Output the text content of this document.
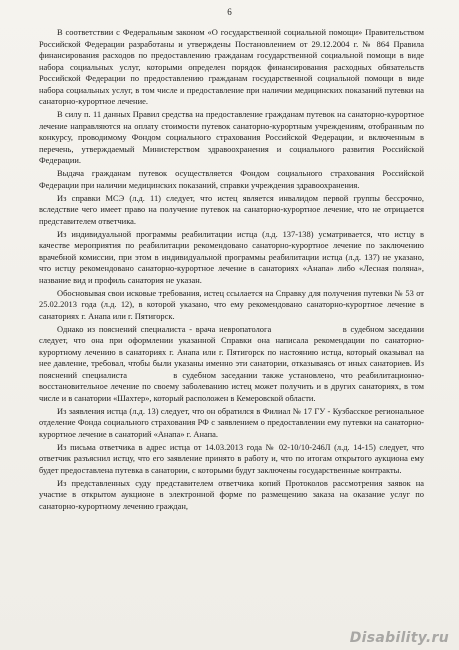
6

В соответствии с Федеральным законом «О государственной социальной помощи» Правительством Российской Федерации разработаны и утверждены Постановлением от 29.12.2004 г. № 864 Правила финансирования расходов по предоставлению гражданам государственной социальной помощи в виде набора социальных услуг, которыми определен порядок финансирования расходных обязательств Российской Федерации по предоставлению гражданам государственной социальной помощи в виде набора социальных услуг, в том числе и предоставление при наличии медицинских показаний путевки на санаторно-курортное лечение.

В силу п. 11 данных Правил средства на предоставление гражданам путевок на санаторно-курортное лечение направляются на оплату стоимости путевок санаторно-курортным учреждениям, отобранным по конкурсу, проводимому Фондом социального страхования Российской Федерации, и включенным в перечень, утверждаемый Министерством здравоохранения и социального развития Российской Федерации.

Выдача гражданам путевок осуществляется Фондом социального страхования Российской Федерации при наличии медицинских показаний, справки учреждения здравоохранения.

Из справки МСЭ (л.д. 11) следует, что истец является инвалидом первой группы бессрочно, вследствие чего имеет право на получение путевок на санаторно-курортное лечение, что не отрицается представителем ответчика.

Из индивидуальной программы реабилитации истца (л.д. 137-138) усматривается, что истцу в качестве мероприятия по реабилитации рекомендовано санаторно-курортное лечение по заключению врачебной комиссии, при этом в индивидуальной программы реабилитации истца (л.д. 137) не указано, что истцу рекомендовано санаторно-курортное лечение в санаториях «Анапа» либо «Лесная поляна», название вид и профиль санатория не указан.

Обосновывая свои исковые требования, истец ссылается на Справку для получения путевки № 53 от 25.02.2013 года (л.д. 12), в которой указано, что ему рекомендовано санаторно-курортное лечение в санаториях г. Анапа или г. Пятигорск.

Однако из пояснений специалиста - врача невропатолога	в судебном заседании следует, что она при оформлении указанной Справки она написала рекомендации по санаторно-курортному лечению в санаториях г. Анапа или г. Пятигорск по настоянию истца, который оказывал на нее давление, требовал, чтобы были указаны именно эти санатории, отказываясь от иных санаториев. Из пояснений специалиста	в судебном заседании также установлено, что реабилитационно-восстановительное лечение по своему заболеванию истец может получить и в других санаториях, в том числе и в санатории «Шахтер», который расположен в Кемеровской области.

Из заявления истца (л.д. 13) следует, что он обратился в Филиал № 17 ГУ - Кузбасское региональное отделение Фонда социального страхования РФ с заявлением о предоставлении ему путевки на санаторно-курортное лечение в санаторий «Анапа» г. Анапа.

Из письма ответчика в адрес истца от 14.03.2013 года № 02-10/10-246Л (л.д. 14-15) следует, что ответчик разъяснил истцу, что его заявление принято в работу и, что по итогам открытого аукциона ему будет предоставлена путевка в санатории, с которыми будут заключены государственные контракты.

Из представленных суду представителем ответчика копий Протоколов рассмотрения заявок на участие в открытом аукционе в электронной форме по размещению заказа на оказание услуг по санаторно-курортному лечению граждан,

Disability.ru
